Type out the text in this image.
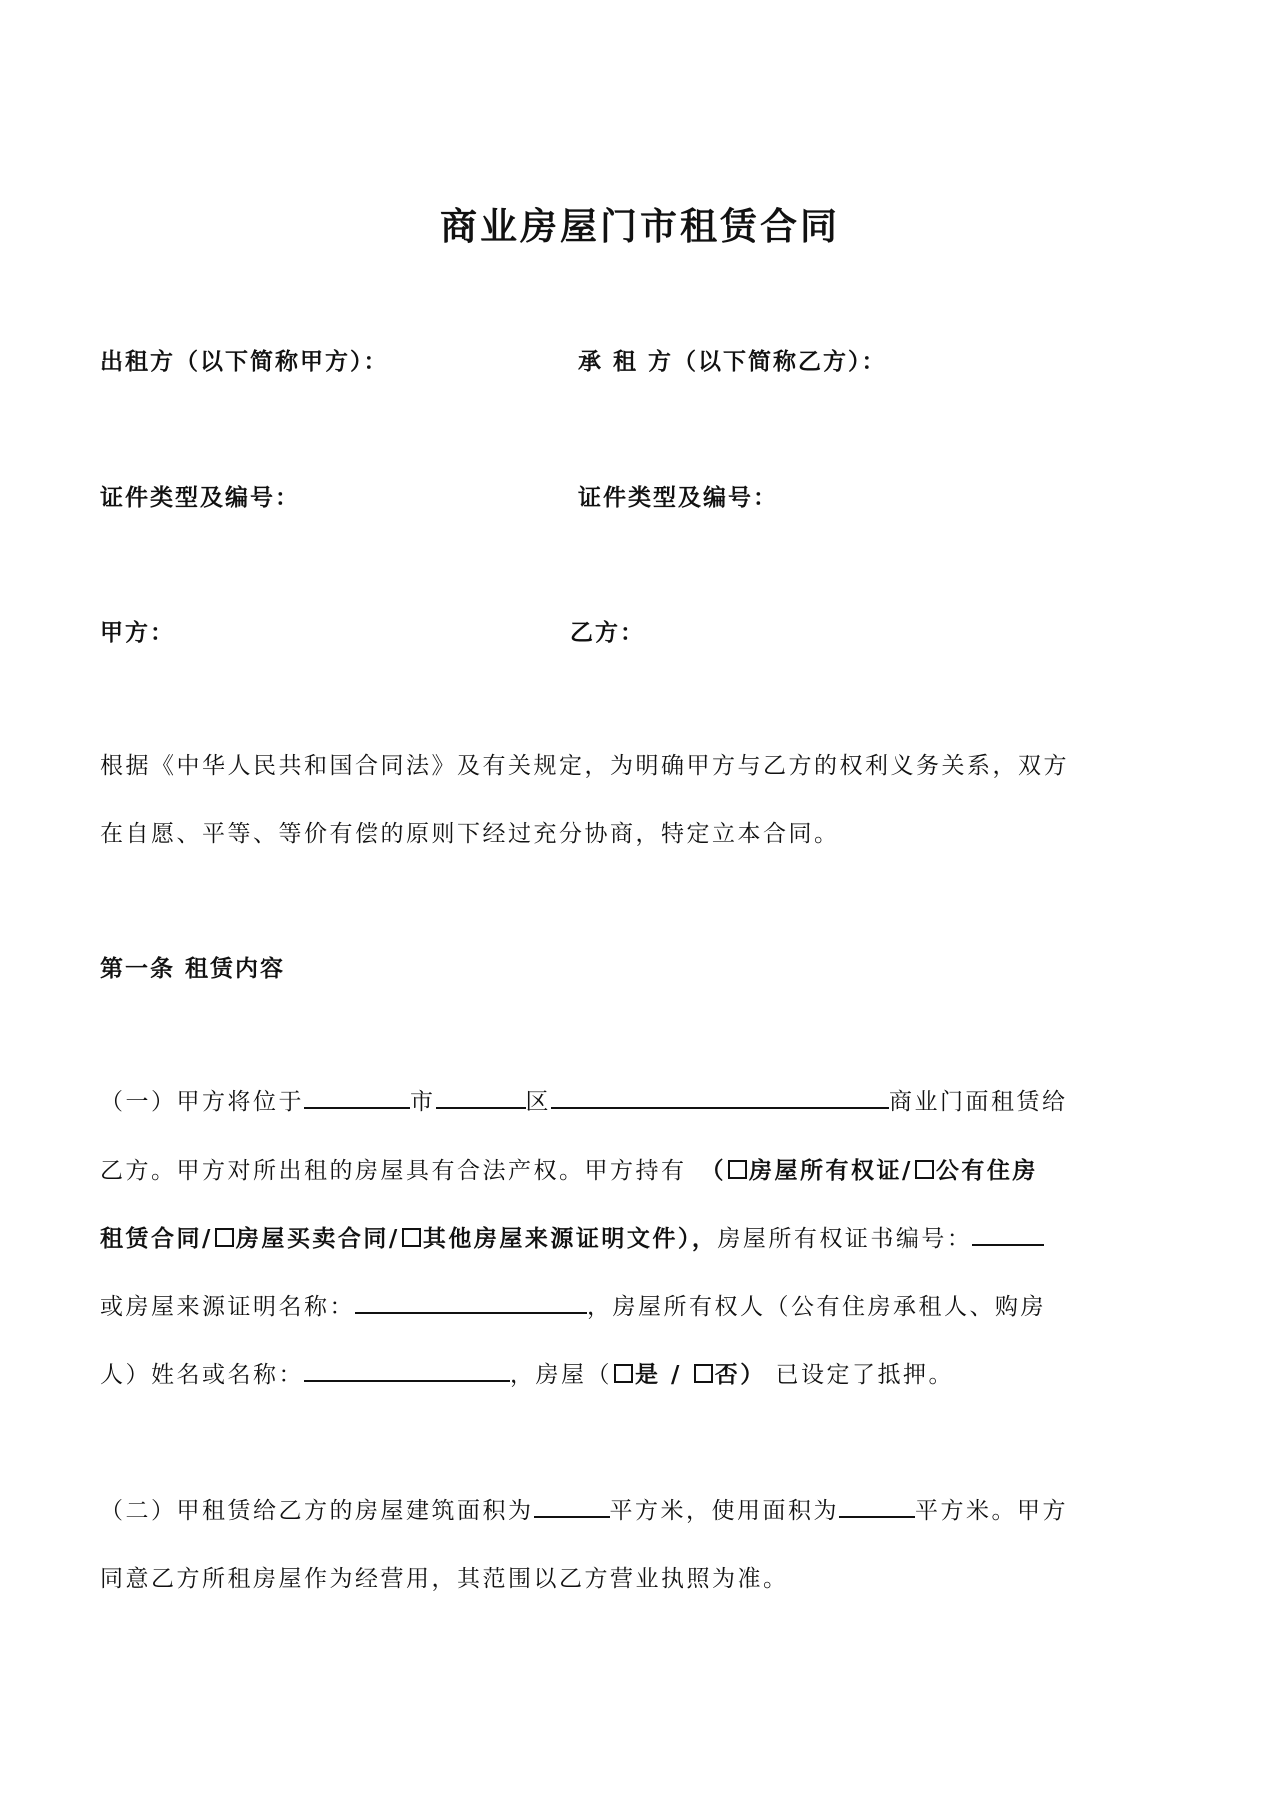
商业房屋门市租赁合同
出租方（以下简称甲方）：	承 租 方（以下简称乙方）：
证件类型及编号：	证件类型及编号：
甲方：	乙方：
根据《中华人民共和国合同法》及有关规定，为明确甲方与乙方的权利义务关系，双方
在自愿、平等、等价有偿的原则下经过充分协商，特定立本合同。
第一条 租赁内容
（一）甲方将位于	市	区	商业门面租赁给
乙方。甲方对所出租的房屋具有合法产权。甲方持有　（ 房屋所有权证/ 公有住房
租赁合同/ 房屋买卖合同/ 其他房屋来源证明文件），房屋所有权证书编号：
或房屋来源证明名称：	，房屋所有权人（公有住房承租人、购房
人）姓名或名称：	，房屋（ 是 / 否） 已设定了抵押。
（二）甲租赁给乙方的房屋建筑面积为	平方米，使用面积为	平方米。甲方
同意乙方所租房屋作为经营用，其范围以乙方营业执照为准。
